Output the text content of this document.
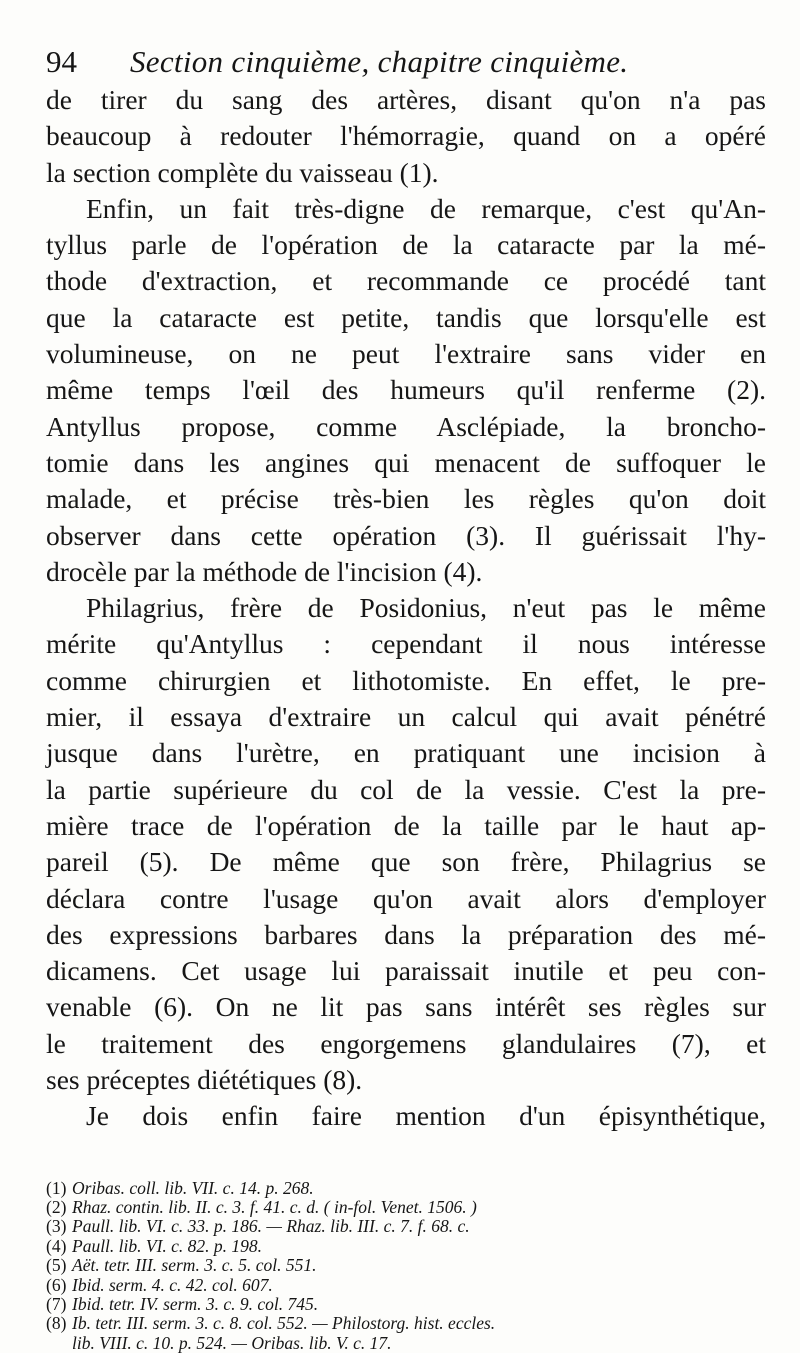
94	Section cinquième, chapitre cinquième.
de tirer du sang des artères, disant qu'on n'a pas
beaucoup à redouter l'hémorragie, quand on a opéré
la section complète du vaisseau (1).
Enfin, un fait très-digne de remarque, c'est qu'An-
tyllus parle de l'opération de la cataracte par la mé-
thode d'extraction, et recommande ce procédé tant
que la cataracte est petite, tandis que lorsqu'elle est
volumineuse, on ne peut l'extraire sans vider en
même temps l'œil des humeurs qu'il renferme (2).
Antyllus propose, comme Asclépiade, la broncho-
tomie dans les angines qui menacent de suffoquer le
malade, et précise très-bien les règles qu'on doit
observer dans cette opération (3). Il guérissait l'hy-
drocèle par la méthode de l'incision (4).
Philagrius, frère de Posidonius, n'eut pas le même
mérite qu'Antyllus : cependant il nous intéresse
comme chirurgien et lithotomiste. En effet, le pre-
mier, il essaya d'extraire un calcul qui avait pénétré
jusque dans l'urètre, en pratiquant une incision à
la partie supérieure du col de la vessie. C'est la pre-
mière trace de l'opération de la taille par le haut ap-
pareil (5). De même que son frère, Philagrius se
déclara contre l'usage qu'on avait alors d'employer
des expressions barbares dans la préparation des mé-
dicamens. Cet usage lui paraissait inutile et peu con-
venable (6). On ne lit pas sans intérêt ses règles sur
le traitement des engorgemens glandulaires (7), et
ses préceptes diététiques (8).
Je dois enfin faire mention d'un épisynthétique,
(1) Oribas. coll. lib. VII. c. 14. p. 268.
(2) Rhaz. contin. lib. II. c. 3. f. 41. c. d. ( in-fol. Venet. 1506. )
(3) Paull. lib. VI. c. 33. p. 186. — Rhaz. lib. III. c. 7. f. 68. c.
(4) Paull. lib. VI. c. 82. p. 198.
(5) Aët. tetr. III. serm. 3. c. 5. col. 551.
(6) Ibid. serm. 4. c. 42. col. 607.
(7) Ibid. tetr. IV. serm. 3. c. 9. col. 745.
(8) Ib. tetr. III. serm. 3. c. 8. col. 552. — Philostorg. hist. eccles.
lib. VIII. c. 10. p. 524. — Oribas. lib. V. c. 17.
